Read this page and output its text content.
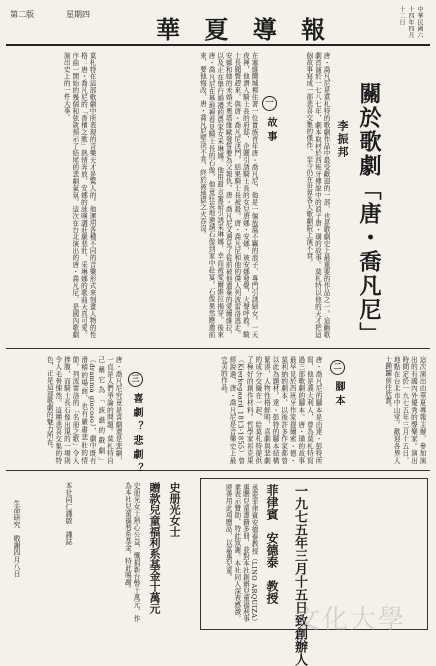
中華民國六十四年四月十二日
華 夏 導 報
星期四
第二版
關於歌劇「唐・喬凡尼」
李振邦
唐・喬凡尼是莫札特的歌劇作品中最受歡迎的一部，也是歌劇史上最重要的作品之一。這齣歌劇首演於一七八七年，劇本取材於西班牙傳說中的浪子唐・璜的故事。莫札特以他的天才把這個故事寫成一部悲喜交集的傑作，至今仍在世界各大歌劇院上演不衰。
一故事
在塞維爾城裡住著一位貴族青年唐・喬凡尼，他是一個放蕩不羈的浪子，專門引誘婦女。一天夜裡，他潛入騎士長的府邸，企圖引誘騎士長的女兒唐娜・安娜，被安娜發覺，大聲呼救。騎士長聞聲趕來，與唐・喬凡尼決鬥，結果騎士長被殺。唐・喬凡尼和他的僕人列波雷洛逃走。安娜和她的未婚夫奧塔維歐發誓要為父報仇。唐・喬凡尼又遇見了從前被他遺棄的愛爾維拉，以及正在舉行婚禮的農家女采琳娜。他用甜言蜜語引誘采琳娜，幸而被愛爾維拉揭穿。後來唐・喬凡尼在墓地裡看見騎士長的石像，他竟狂妄地邀請石像到家中赴宴。石像果然應邀前來，要他悔改，唐・喬凡尼堅決不肯，終於被地獄之火吞沒。
莫札特在這部歌劇中所表現的音樂天才是驚人的。他運用各種不同的音樂形式來刻畫人物的性格：唐・喬凡尼的「香檳之歌」熱情奔放，安娜的詠嘆調莊嚴悲壯，采琳娜的歌曲天真可愛。序曲一開始的幾個和弦就預示了結尾的悲劇氣氛。這次在台北演出的唐・喬凡尼，是國內歌劇演出史上的一件大事。
這次演出由華夏導報主辦，參加演出的有國內外優秀的聲樂家。演出時間定於一九七五年三月十五日，地點在台北市中山堂。歡迎各界人士踴躍前往欣賞。
二腳本
唐・喬凡尼的腳本是由達・彭特所寫，他是義大利人，曾為莫札特寫過三部歌劇的腳本。唐・璜的故事最早見於西班牙作家提爾索・德・莫利納的劇本，以後許多作家都曾以此為題材。達・彭特的腳本結構緊湊，人物性格鮮明，喜劇與悲劇的成分交織在一起，給莫札特提供了極好的創作材料。哲學家祁克果（Kierkegaard 1813-1855）曾經說過，唐・喬凡尼是音樂史上最完美的作品。
三喜劇？悲劇？
唐・喬凡尼究竟是喜劇還是悲劇，一直是人們爭論的問題。莫札特自己稱它為「詼諧的戲劇」（dramma giocoso），劇中既有滑稽的場面，也有嚴肅悲壯的情節。列波雷洛的「名冊之歌」令人捧腹，而騎士長石像出現的一場則令人毛骨悚然。這種悲喜交集的特色，正是這部歌劇的魅力所在。
一九七五年三月十五日致創辦人
菲律賓　安德泰　教授
承蒙菲律賓安德泰教授（LINO ARQUIZA）惠贈兒童書籍多冊，並對本社創辦兒童福利事業表示贊助，特此致謝。本社同人深表感激，將善用此項贈品，以嘉惠兒童。
史册光女士
贈款兒童福利系基金十萬元
史冊光女士熱心公益，慨捐新台幣十萬元，作為本社兒童福利系基金，特此鳴謝。
本社同仁謹啟　謹誌
生命研究　敬謝四月八日
文化大學
